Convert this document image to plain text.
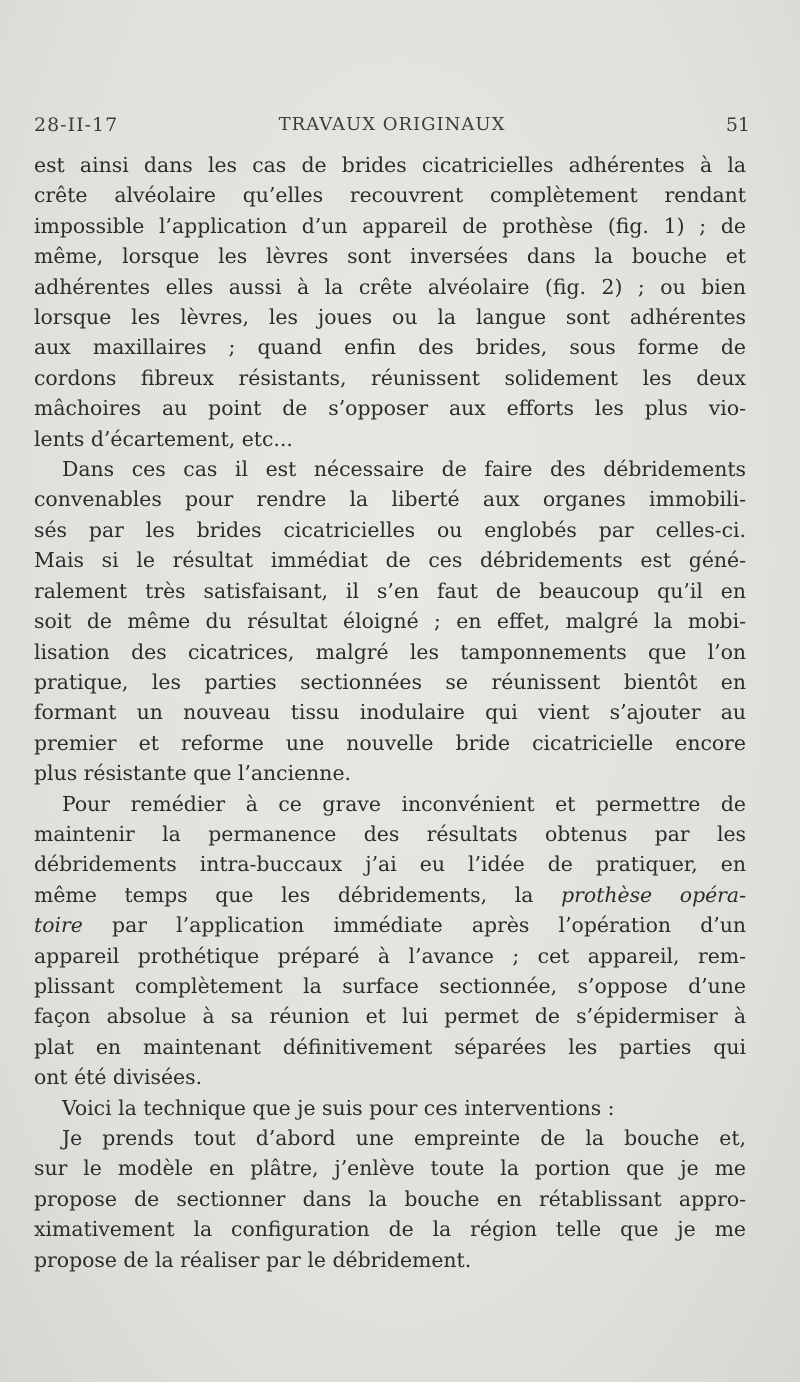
28-II-17	TRAVAUX ORIGINAUX	51
est ainsi dans les cas de brides cicatricielles adhérentes à la
crête alvéolaire qu’elles recouvrent complètement rendant
impossible l’application d’un appareil de prothèse (fig. 1) ; de
même, lorsque les lèvres sont inversées dans la bouche et
adhérentes elles aussi à la crête alvéolaire (fig. 2) ; ou bien
lorsque les lèvres, les joues ou la langue sont adhérentes
aux maxillaires ; quand enfin des brides, sous forme de
cordons fibreux résistants, réunissent solidement les deux
mâchoires au point de s’opposer aux efforts les plus vio-
lents d’écartement, etc...
Dans ces cas il est nécessaire de faire des débridements
convenables pour rendre la liberté aux organes immobili-
sés par les brides cicatricielles ou englobés par celles-ci.
Mais si le résultat immédiat de ces débridements est géné-
ralement très satisfaisant, il s’en faut de beaucoup qu’il en
soit de même du résultat éloigné ; en effet, malgré la mobi-
lisation des cicatrices, malgré les tamponnements que l’on
pratique, les parties sectionnées se réunissent bientôt en
formant un nouveau tissu inodulaire qui vient s’ajouter au
premier et reforme une nouvelle bride cicatricielle encore
plus résistante que l’ancienne.
Pour remédier à ce grave inconvénient et permettre de
maintenir la permanence des résultats obtenus par les
débridements intra-buccaux j’ai eu l’idée de pratiquer, en
même temps que les débridements, la prothèse opéra-
toire par l’application immédiate après l’opération d’un
appareil prothétique préparé à l’avance ; cet appareil, rem-
plissant complètement la surface sectionnée, s’oppose d’une
façon absolue à sa réunion et lui permet de s’épidermiser à
plat en maintenant définitivement séparées les parties qui
ont été divisées.
Voici la technique que je suis pour ces interventions :
Je prends tout d’abord une empreinte de la bouche et,
sur le modèle en plâtre, j’enlève toute la portion que je me
propose de sectionner dans la bouche en rétablissant appro-
ximativement la configuration de la région telle que je me
propose de la réaliser par le débridement.
